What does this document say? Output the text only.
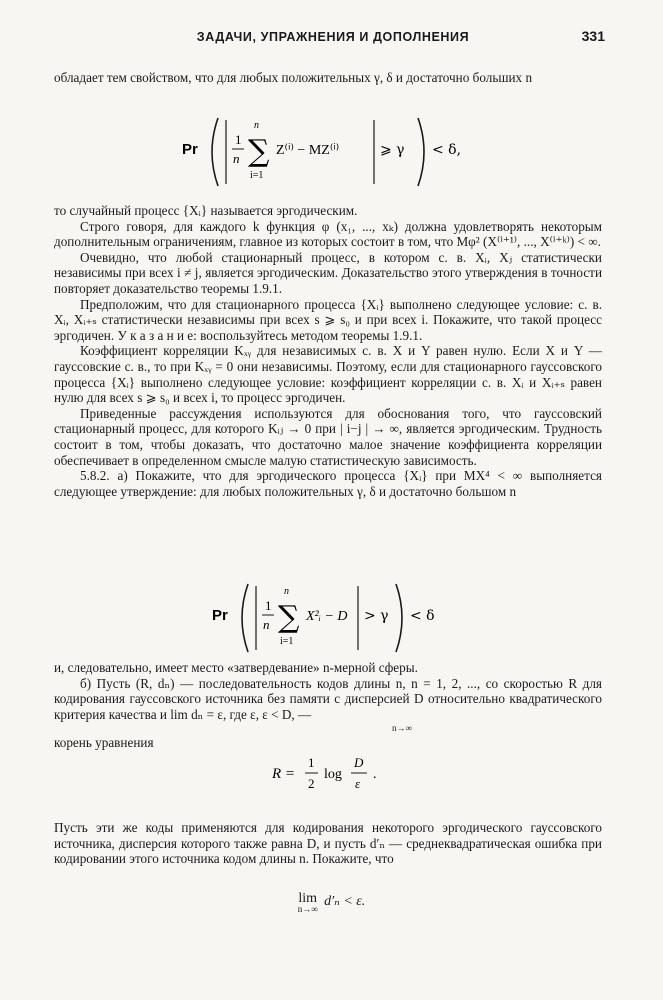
ЗАДАЧИ, УПРАЖНЕНИЯ И ДОПОЛНЕНИЯ	331

обладает тем свойством, что для любых положительных γ, δ и достаточно больших n

Pr
1
n
n
∑
i=1
Z⁽ⁱ⁾ − MZ⁽ⁱ⁾	⩾ γ < δ,

то случайный процесс {Xᵢ} называется эргодическим.

Строго говоря, для каждого k функция φ (x₁, ..., xₖ) должна удовлетворять некоторым дополнительным ограничениям, главное из которых состоит в том, что Mφ² (X⁽ⁱ⁺¹⁾, ..., X⁽ⁱ⁺ᵏ⁾) < ∞.

Очевидно, что любой стационарный процесс, в котором с. в. Xᵢ, Xⱼ статистически независимы при всех i ≠ j, является эргодическим. Доказательство этого утверждения в точности повторяет доказательство теоремы 1.9.1.

Предположим, что для стационарного процесса {Xᵢ} выполнено следующее условие: с. в. Xᵢ, Xᵢ₊ₛ статистически независимы при всех s ⩾ s₀ и при всех i. Покажите, что такой процесс эргодичен. У к а з а н и е: воспользуйтесь методом теоремы 1.9.1.

Коэффициент корреляции Kₓᵧ для независимых с. в. X и Y равен нулю. Если X и Y — гауссовские с. в., то при Kₓᵧ = 0 они независимы. Поэтому, если для стационарного гауссовского процесса {Xᵢ} выполнено следующее условие: коэффициент корреляции с. в. Xᵢ и Xᵢ₊ₛ равен нулю для всех s ⩾ s₀ и всех i, то процесс эргодичен.

Приведенные рассуждения используются для обоснования того, что гауссовский стационарный процесс, для которого Kᵢⱼ → 0 при | i−j | → ∞, является эргодическим. Трудность состоит в том, чтобы доказать, что достаточно малое значение коэффициента корреляции обеспечивает в определенном смысле малую статистическую зависимость.

5.8.2. а) Покажите, что для эргодического процесса {Xᵢ} при MX⁴ < ∞ выполняется следующее утверждение: для любых положительных γ, δ и достаточно большом n

Pr
1
n
n
∑
i=1
X²ᵢ − D > γ < δ

и, следовательно, имеет место «затвердевание» n-мерной сферы.

б) Пусть (R, dₙ) — последовательность кодов длины n, n = 1, 2, ..., со скоростью R для кодирования гауссовского источника без памяти с дисперсией D относительно квадратического критерия качества и lim dₙ = ε, где ε, ε < D, —

n→∞

корень уравнения

R =
1
2
log
D
ε
.

Пусть эти же коды применяются для кодирования некоторого эргодического гауссовского источника, дисперсия которого также равна D, и пусть d′ₙ — среднеквадратическая ошибка при кодировании этого источника кодом длины n. Покажите, что

lim
n→∞ d′ₙ < ε.
